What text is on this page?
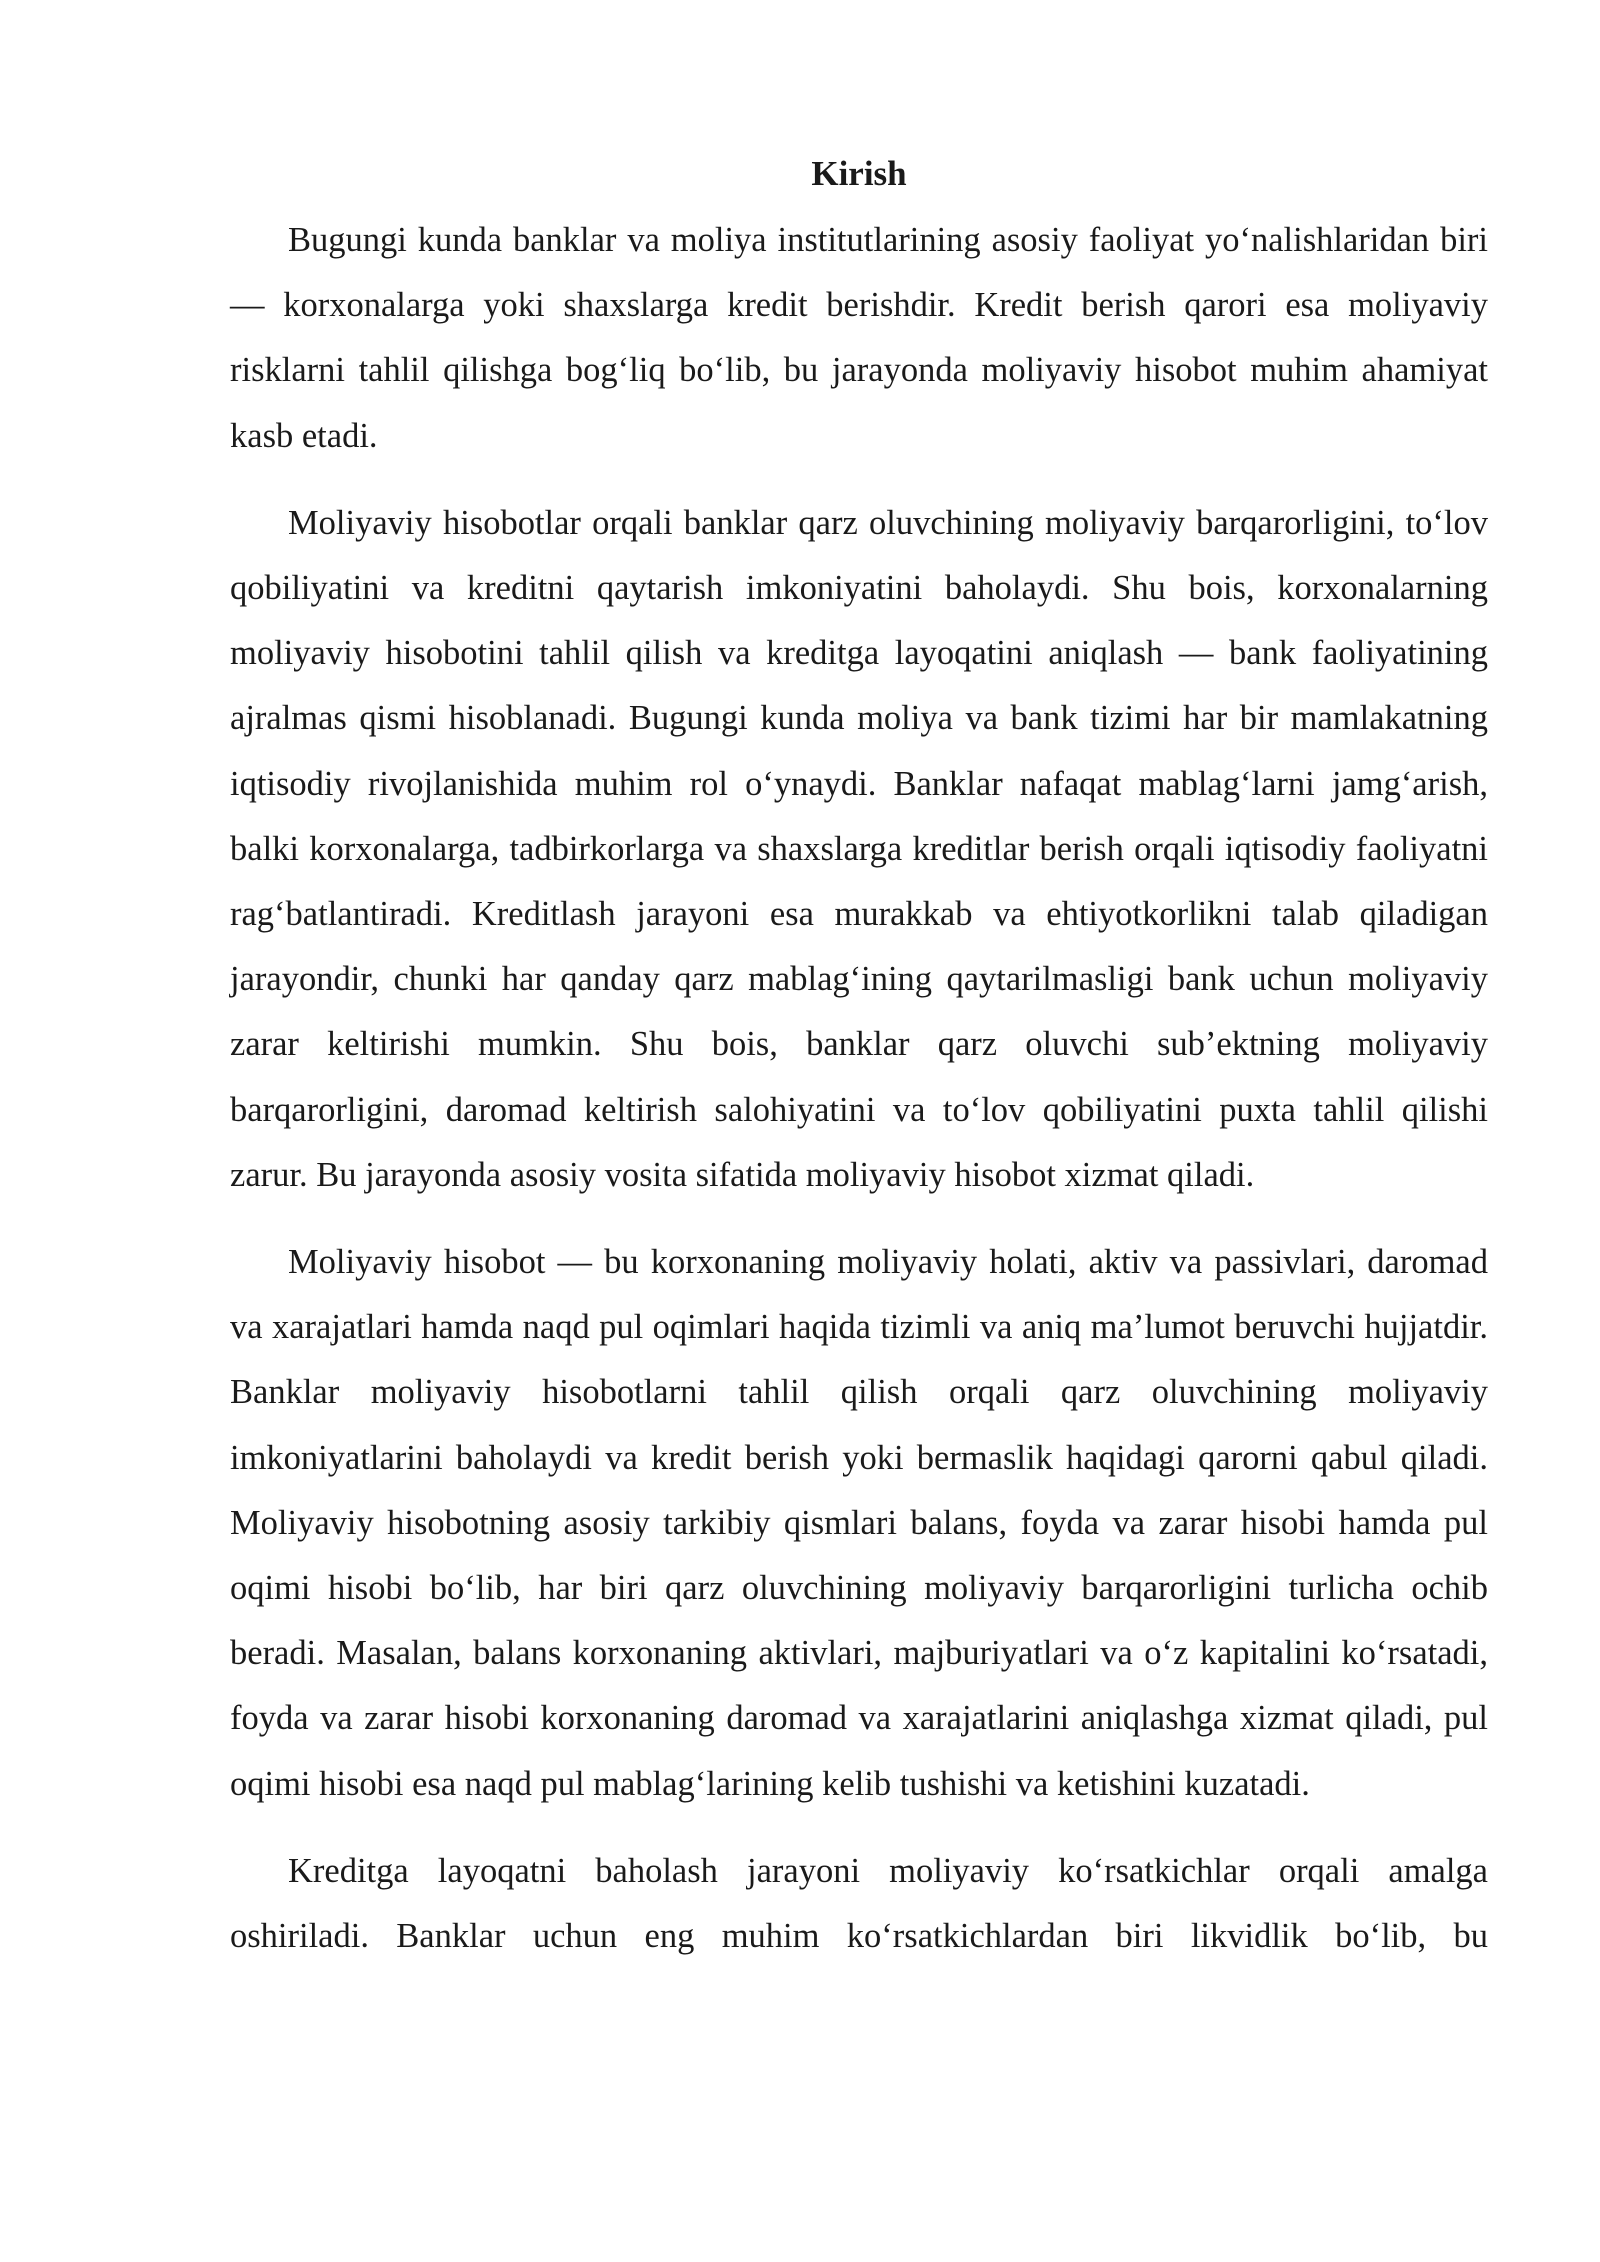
Kirish

Bugungi kunda banklar va moliya institutlarining asosiy faoliyat yo‘nalishlaridan biri — korxonalarga yoki shaxslarga kredit berishdir. Kredit berish qarori esa moliyaviy risklarni tahlil qilishga bog‘liq bo‘lib, bu jarayonda moliyaviy hisobot muhim ahamiyat kasb etadi.

Moliyaviy hisobotlar orqali banklar qarz oluvchining moliyaviy barqarorligini, to‘lov qobiliyatini va kreditni qaytarish imkoniyatini baholaydi. Shu bois, korxonalarning moliyaviy hisobotini tahlil qilish va kreditga layoqatini aniqlash — bank faoliyatining ajralmas qismi hisoblanadi. Bugungi kunda moliya va bank tizimi har bir mamlakatning iqtisodiy rivojlanishida muhim rol o‘ynaydi. Banklar nafaqat mablag‘larni jamg‘arish, balki korxonalarga, tadbirkorlarga va shaxslarga kreditlar berish orqali iqtisodiy faoliyatni rag‘batlantiradi. Kreditlash jarayoni esa murakkab va ehtiyotkorlikni talab qiladigan jarayondir, chunki har qanday qarz mablag‘ining qaytarilmasligi bank uchun moliyaviy zarar keltirishi mumkin. Shu bois, banklar qarz oluvchi sub’ektning moliyaviy barqarorligini, daromad keltirish salohiyatini va to‘lov qobiliyatini puxta tahlil qilishi zarur. Bu jarayonda asosiy vosita sifatida moliyaviy hisobot xizmat qiladi.

Moliyaviy hisobot — bu korxonaning moliyaviy holati, aktiv va passivlari, daromad va xarajatlari hamda naqd pul oqimlari haqida tizimli va aniq ma’lumot beruvchi hujjatdir. Banklar moliyaviy hisobotlarni tahlil qilish orqali qarz oluvchining moliyaviy imkoniyatlarini baholaydi va kredit berish yoki bermaslik haqidagi qarorni qabul qiladi. Moliyaviy hisobotning asosiy tarkibiy qismlari balans, foyda va zarar hisobi hamda pul oqimi hisobi bo‘lib, har biri qarz oluvchining moliyaviy barqarorligini turlicha ochib beradi. Masalan, balans korxonaning aktivlari, majburiyatlari va o‘z kapitalini ko‘rsatadi, foyda va zarar hisobi korxonaning daromad va xarajatlarini aniqlashga xizmat qiladi, pul oqimi hisobi esa naqd pul mablag‘larining kelib tushishi va ketishini kuzatadi.

Kreditga layoqatni baholash jarayoni moliyaviy ko‘rsatkichlar orqali amalga oshiriladi. Banklar uchun eng muhim ko‘rsatkichlardan biri likvidlik bo‘lib, bu
